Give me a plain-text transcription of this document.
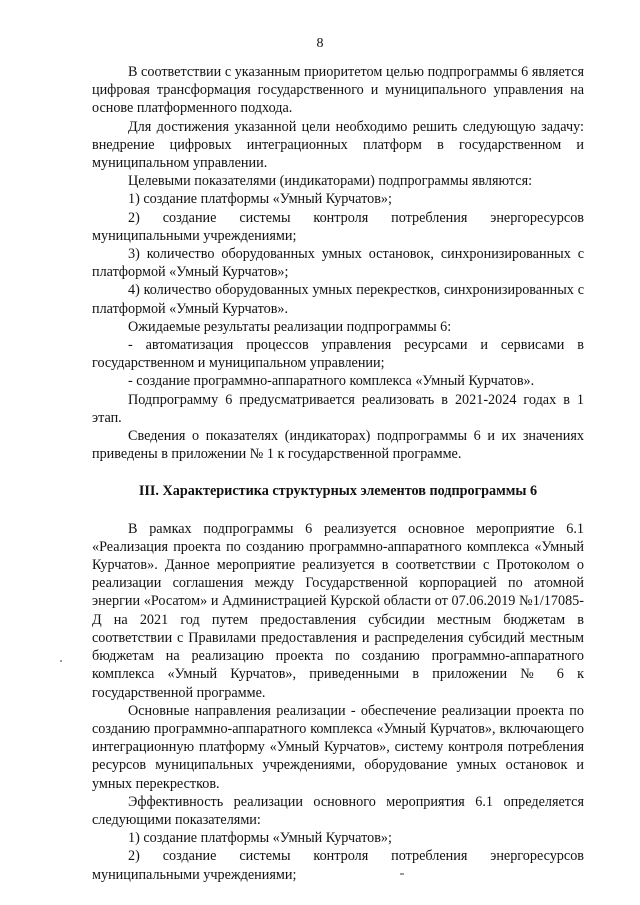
8

В соответствии с указанным приоритетом целью подпрограммы 6 является цифровая трансформация государственного и муниципального управления на основе платформенного подхода.

Для достижения указанной цели необходимо решить следующую задачу: внедрение цифровых интеграционных платформ в государственном и муниципальном управлении.

Целевыми показателями (индикаторами) подпрограммы являются:

1) создание платформы «Умный Курчатов»;

2) создание системы контроля потребления энергоресурсов муниципальными учреждениями;

3) количество оборудованных умных остановок, синхронизированных с платформой «Умный Курчатов»;

4) количество оборудованных умных перекрестков, синхронизированных с платформой «Умный Курчатов».

Ожидаемые результаты реализации подпрограммы 6:

- автоматизация процессов управления ресурсами и сервисами в государственном и муниципальном управлении;

- создание программно-аппаратного комплекса «Умный Курчатов».

Подпрограмму 6 предусматривается реализовать в 2021-2024 годах в 1 этап.

Сведения о показателях (индикаторах) подпрограммы 6 и их значениях приведены в приложении № 1 к государственной программе.

III. Характеристика структурных элементов подпрограммы 6

В рамках подпрограммы 6 реализуется основное мероприятие 6.1 «Реализация проекта по созданию программно-аппаратного комплекса «Умный Курчатов». Данное мероприятие реализуется в соответствии с Протоколом о реализации соглашения между Государственной корпорацией по атомной энергии «Росатом» и Администрацией Курской области от 07.06.2019 №1/17085-Д на 2021 год путем предоставления субсидии местным бюджетам в соответствии с Правилами предоставления и распределения субсидий местным бюджетам на реализацию проекта по созданию программно-аппаратного комплекса «Умный Курчатов», приведенными в приложении № 6 к государственной программе.

Основные направления реализации - обеспечение реализации проекта по созданию программно-аппаратного комплекса «Умный Курчатов», включающего интеграционную платформу «Умный Курчатов», систему контроля потребления ресурсов муниципальных учреждениями, оборудование умных остановок и умных перекрестков.

Эффективность реализации основного мероприятия 6.1 определяется следующими показателями:

1) создание платформы «Умный Курчатов»;

2) создание системы контроля потребления энергоресурсов муниципальными учреждениями;
